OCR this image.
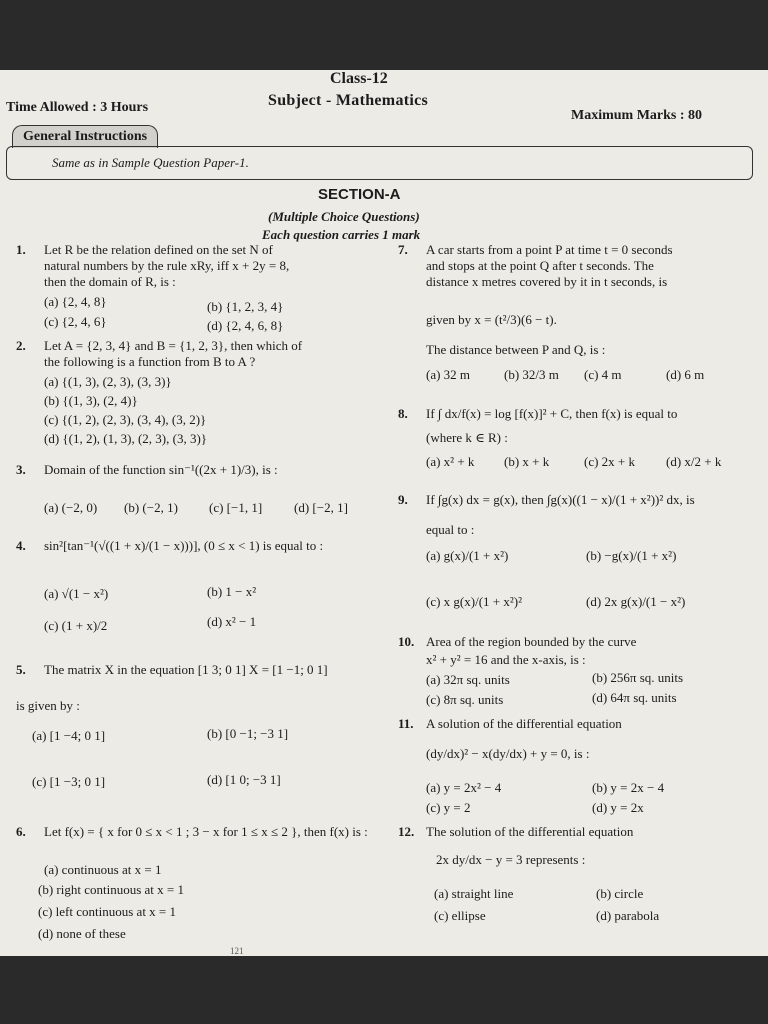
Class-12
Subject - Mathematics
Time Allowed : 3 Hours
Maximum Marks : 80
General Instructions
Same as in Sample Question Paper-1.
SECTION-A
(Multiple Choice Questions)
Each question carries 1 mark
1. Let R be the relation defined on the set N of
natural numbers by the rule xRy, iff x + 2y = 8,
then the domain of R, is :
(a) {2, 4, 8}	(b) {1, 2, 3, 4}
(c) {2, 4, 6}	(d) {2, 4, 6, 8}
2. Let A = {2, 3, 4} and B = {1, 2, 3}, then which of
the following is a function from B to A ?
(a) {(1, 3), (2, 3), (3, 3)}
(b) {(1, 3), (2, 4)}
(c) {(1, 2), (2, 3), (3, 4), (3, 2)}
(d) {(1, 2), (1, 3), (2, 3), (3, 3)}
3. Domain of the function sin⁻¹((2x + 1)/3), is :
(a) (−2, 0) (b) (−2, 1) (c) [−1, 1] (d) [−2, 1]
4. sin²[tan⁻¹(√((1 + x)/(1 − x)))], (0 ≤ x < 1) is equal to :
(a) √(1 − x²)	(b) 1 − x²
(c) (1 + x)/2	(d) x² − 1
5. The matrix X in the equation [1 3; 0 1] X = [1 −1; 0 1]
is given by :
(a) [1 −4; 0 1]	(b) [0 −1; −3 1]
(c) [1 −3; 0 1]	(d) [1 0; −3 1]
6. Let f(x) = { x for 0 ≤ x < 1 ; 3 − x for 1 ≤ x ≤ 2 }, then f(x) is :
(a) continuous at x = 1
(b) right continuous at x = 1
(c) left continuous at x = 1
(d) none of these
7. A car starts from a point P at time t = 0 seconds
and stops at the point Q after t seconds. The
distance x metres covered by it in t seconds, is
given by x = (t²/3)(6 − t).
The distance between P and Q, is :
(a) 32 m	(b) 32/3 m (c) 4 m	(d) 6 m
8. If ∫ dx/f(x) = log [f(x)]² + C, then f(x) is equal to
(where k ∈ R) :
(a) x² + k (b) x + k	(c) 2x + k (d) x/2 + k
9. If ∫g(x) dx = g(x), then ∫g(x)((1 − x)/(1 + x²))² dx, is
equal to :
(a) g(x)/(1 + x²)	(b) −g(x)/(1 + x²)
(c) x g(x)/(1 + x²)²	(d) 2x g(x)/(1 − x²)
10. Area of the region bounded by the curve
x² + y² = 16 and the x-axis, is :
(a) 32π sq. units	(b) 256π sq. units
(c) 8π sq. units	(d) 64π sq. units
11. A solution of the differential equation
(dy/dx)² − x(dy/dx) + y = 0, is :
(a) y = 2x² − 4	(b) y = 2x − 4
(c) y = 2	(d) y = 2x
12. The solution of the differential equation
2x dy/dx − y = 3 represents :
(a) straight line	(b) circle
(c) ellipse	(d) parabola
121
